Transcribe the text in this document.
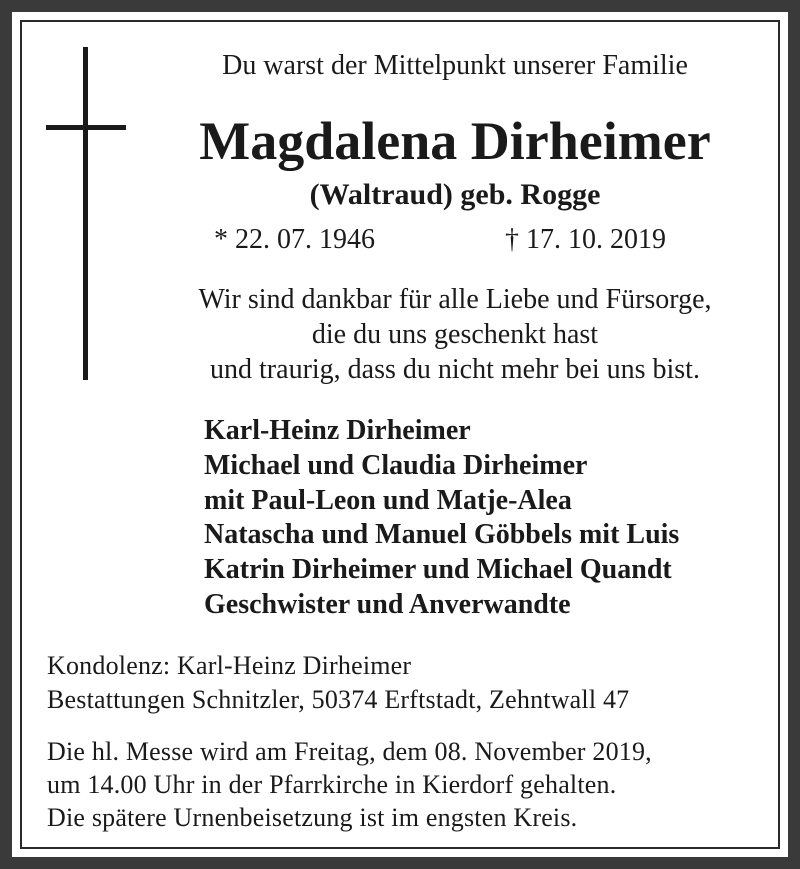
Du warst der Mittelpunkt unserer Familie
Magdalena Dirheimer
(Waltraud) geb. Rogge
* 22. 07. 1946	† 17. 10. 2019
Wir sind dankbar für alle Liebe und Fürsorge,
die du uns geschenkt hast
und traurig, dass du nicht mehr bei uns bist.
Karl-Heinz Dirheimer
Michael und Claudia Dirheimer
mit Paul-Leon und Matje-Alea
Natascha und Manuel Göbbels mit Luis
Katrin Dirheimer und Michael Quandt
Geschwister und Anverwandte
Kondolenz: Karl-Heinz Dirheimer
Bestattungen Schnitzler, 50374 Erftstadt, Zehntwall 47
Die hl. Messe wird am Freitag, dem 08. November 2019,
um 14.00 Uhr in der Pfarrkirche in Kierdorf gehalten.
Die spätere Urnenbeisetzung ist im engsten Kreis.
